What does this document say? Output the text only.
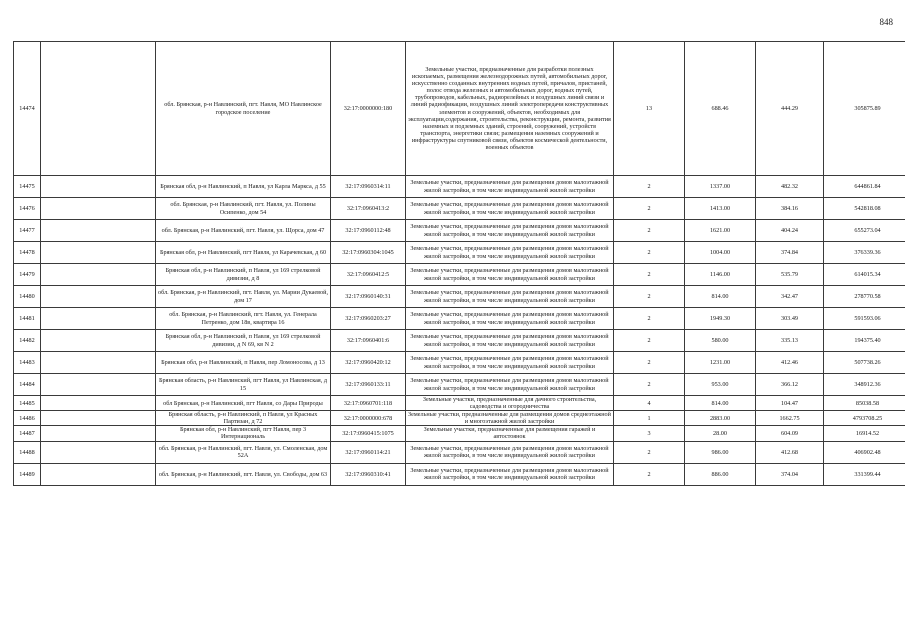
848
14474		обл. Брянская, р-н Навлинский, пгт. Навля, МО Навлинское городское поселение	32:17:0000000:180	Земельные участки, предназначенные для разработки полезных ископаемых, размещения железнодорожных путей, автомобильных дорог, искусственно созданных внутренних водных путей, причалов, пристаней, полос отвода железных и автомобильных дорог, водных путей, трубопроводов, кабельных, радиорелейных и воздушных линий связи и линий радиофикации, воздушных линий электропередачи конструктивных элементов и сооружений, объектов, необходимых для эксплуатации,содержания, строительства, реконструкции, ремонта, развития наземных и подземных зданий, строений, сооружений, устройств транспорта, энергетики связи; размещения наземных сооружений и инфраструктуры спутниковой связи, объектов космической деятельности, военных объектов	13	688.46	444.29	305875.89
14475		Брянская обл, р-н Навлинский, п Навля, ул Карла Маркса, д 55	32:17:0960314:11	Земельные участки, предназначенные для размещения домов малоэтажной жилой застройки, в том числе индивидуальной жилой застройки	2	1337.00	482.32	644861.84
14476		обл. Брянская, р-н Навлинский, пгт. Навля, ул. Полины Осипенко, дом 54	32:17:0960413:2	Земельные участки, предназначенные для размещения домов малоэтажной жилой застройки, в том числе индивидуальной жилой застройки	2	1413.00	384.16	542818.08
14477		обл. Брянская, р-н Навлинский, пгт. Навля, ул. Щорса, дом 47	32:17:0960112:48	Земельные участки, предназначенные для размещения домов малоэтажной жилой застройки, в том числе индивидуальной жилой застройки	2	1621.00	404.24	655273.04
14478		Брянская обл, р-н Навлинский, пгт Навля, ул Карачевская, д 60	32:17:0960304:1045	Земельные участки, предназначенные для размещения домов малоэтажной жилой застройки, в том числе индивидуальной жилой застройки	2	1004.00	374.84	376339.36
14479		Брянская обл, р-н Навлинский, п Навля, ул 169 стрелковой дивизии, д 8	32:17:0960412:5	Земельные участки, предназначенные для размещения домов малоэтажной жилой застройки, в том числе индивидуальной жилой застройки	2	1146.00	535.79	614015.34
14480		обл. Брянская, р-н Навлинский, пгт. Навля, ул. Марии Дукаевой, дом 17	32:17:0960140:31	Земельные участки, предназначенные для размещения домов малоэтажной жилой застройки, в том числе индивидуальной жилой застройки	2	814.00	342.47	278770.58
14481		обл. Брянская, р-н Навлинский, пгт. Навля, ул. Генерала Петренко, дом 18в, квартира 16	32:17:0960203:27	Земельные участки, предназначенные для размещения домов малоэтажной жилой застройки, в том числе индивидуальной жилой застройки	2	1949.30	303.49	591593.06
14482		Брянская обл, р-н Навлинский, п Навля, ул 169 стрелковой дивизии, д N 69, кв N 2	32:17:0960401:6	Земельные участки, предназначенные для размещения домов малоэтажной жилой застройки, в том числе индивидуальной жилой застройки	2	580.00	335.13	194375.40
14483		Брянская обл, р-н Навлинский, п Навля, пер Ломоносова, д 13	32:17:0960420:12	Земельные участки, предназначенные для размещения домов малоэтажной жилой застройки, в том числе индивидуальной жилой застройки	2	1231.00	412.46	507738.26
14484		Брянская область, р-н Навлинский, пгт Навля, ул Навлинская, д 15	32:17:0960133:11	Земельные участки, предназначенные для размещения домов малоэтажной жилой застройки, в том числе индивидуальной жилой застройки	2	953.00	366.12	348912.36
14485		обл Брянская, р-н Навлинский, пгт Навля, со Дары Природы	32:17:0960701:118	Земельные участки, предназначенные для дачного строительства, садоводства и огородничества	4	814.00	104.47	85038.58
14486		Брянская область, р-н Навлинский, п Навля, ул Красных Партизан, д 72	32:17:0000000:678	Земельные участки, предназначенные для размещения домов среднеэтажной и многоэтажной жилой застройки	1	2883.00	1662.75	4793708.25
14487		Брянская обл, р-н Навлинский, пгт Навля, пер 3 Интернациональ	32:17:0960415:1075	Земельные участки, предназначенные для размещения гаражей и автостоянок	3	28.00	604.09	16914.52
14488		обл. Брянская, р-н Навлинский, пгт. Навля, ул. Смоленская, дом 52А	32:17:0960114:21	Земельные участки, предназначенные для размещения домов малоэтажной жилой застройки, в том числе индивидуальной жилой застройки	2	986.00	412.68	406902.48
14489		обл. Брянская, р-н Навлинский, пгт. Навля, ул. Свободы, дом 63	32:17:0960310:41	Земельные участки, предназначенные для размещения домов малоэтажной жилой застройки, в том числе индивидуальной жилой застройки	2	886.00	374.04	331399.44
